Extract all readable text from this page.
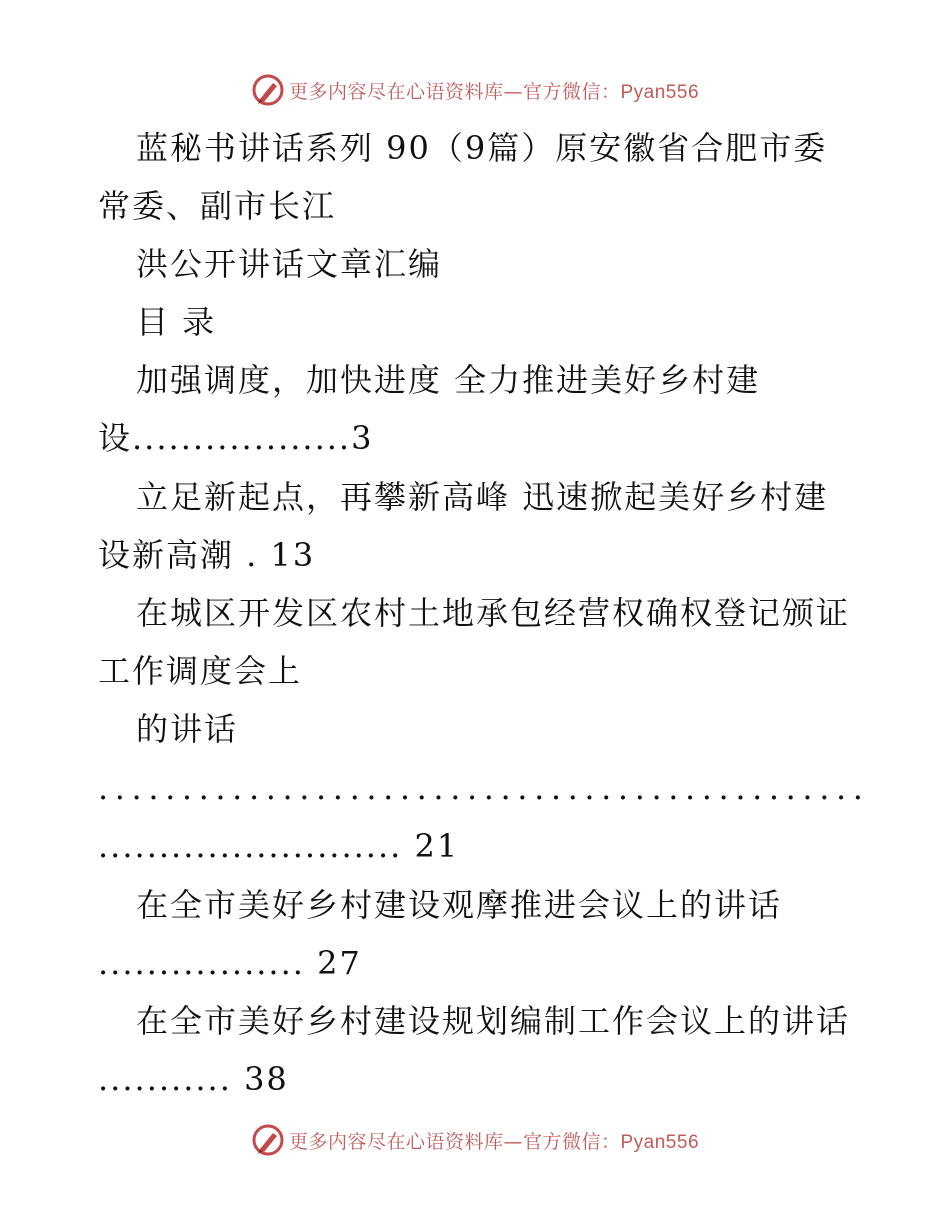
更多内容尽在心语资料库—官方微信：Pyan556
蓝秘书讲话系列 90（9篇）原安徽省合肥市委
常委、副市长江
洪公开讲话文章汇编
目 录
加强调度，加快进度 全力推进美好乡村建
设..................3
立足新起点，再攀新高峰 迅速掀起美好乡村建
设新高潮 . 13
在城区开发区农村土地承包经营权确权登记颁证
工作调度会上
的讲话
..............................................
......................... 21
在全市美好乡村建设观摩推进会议上的讲话
................. 27
在全市美好乡村建设规划编制工作会议上的讲话
........... 38
更多内容尽在心语资料库—官方微信：Pyan556
